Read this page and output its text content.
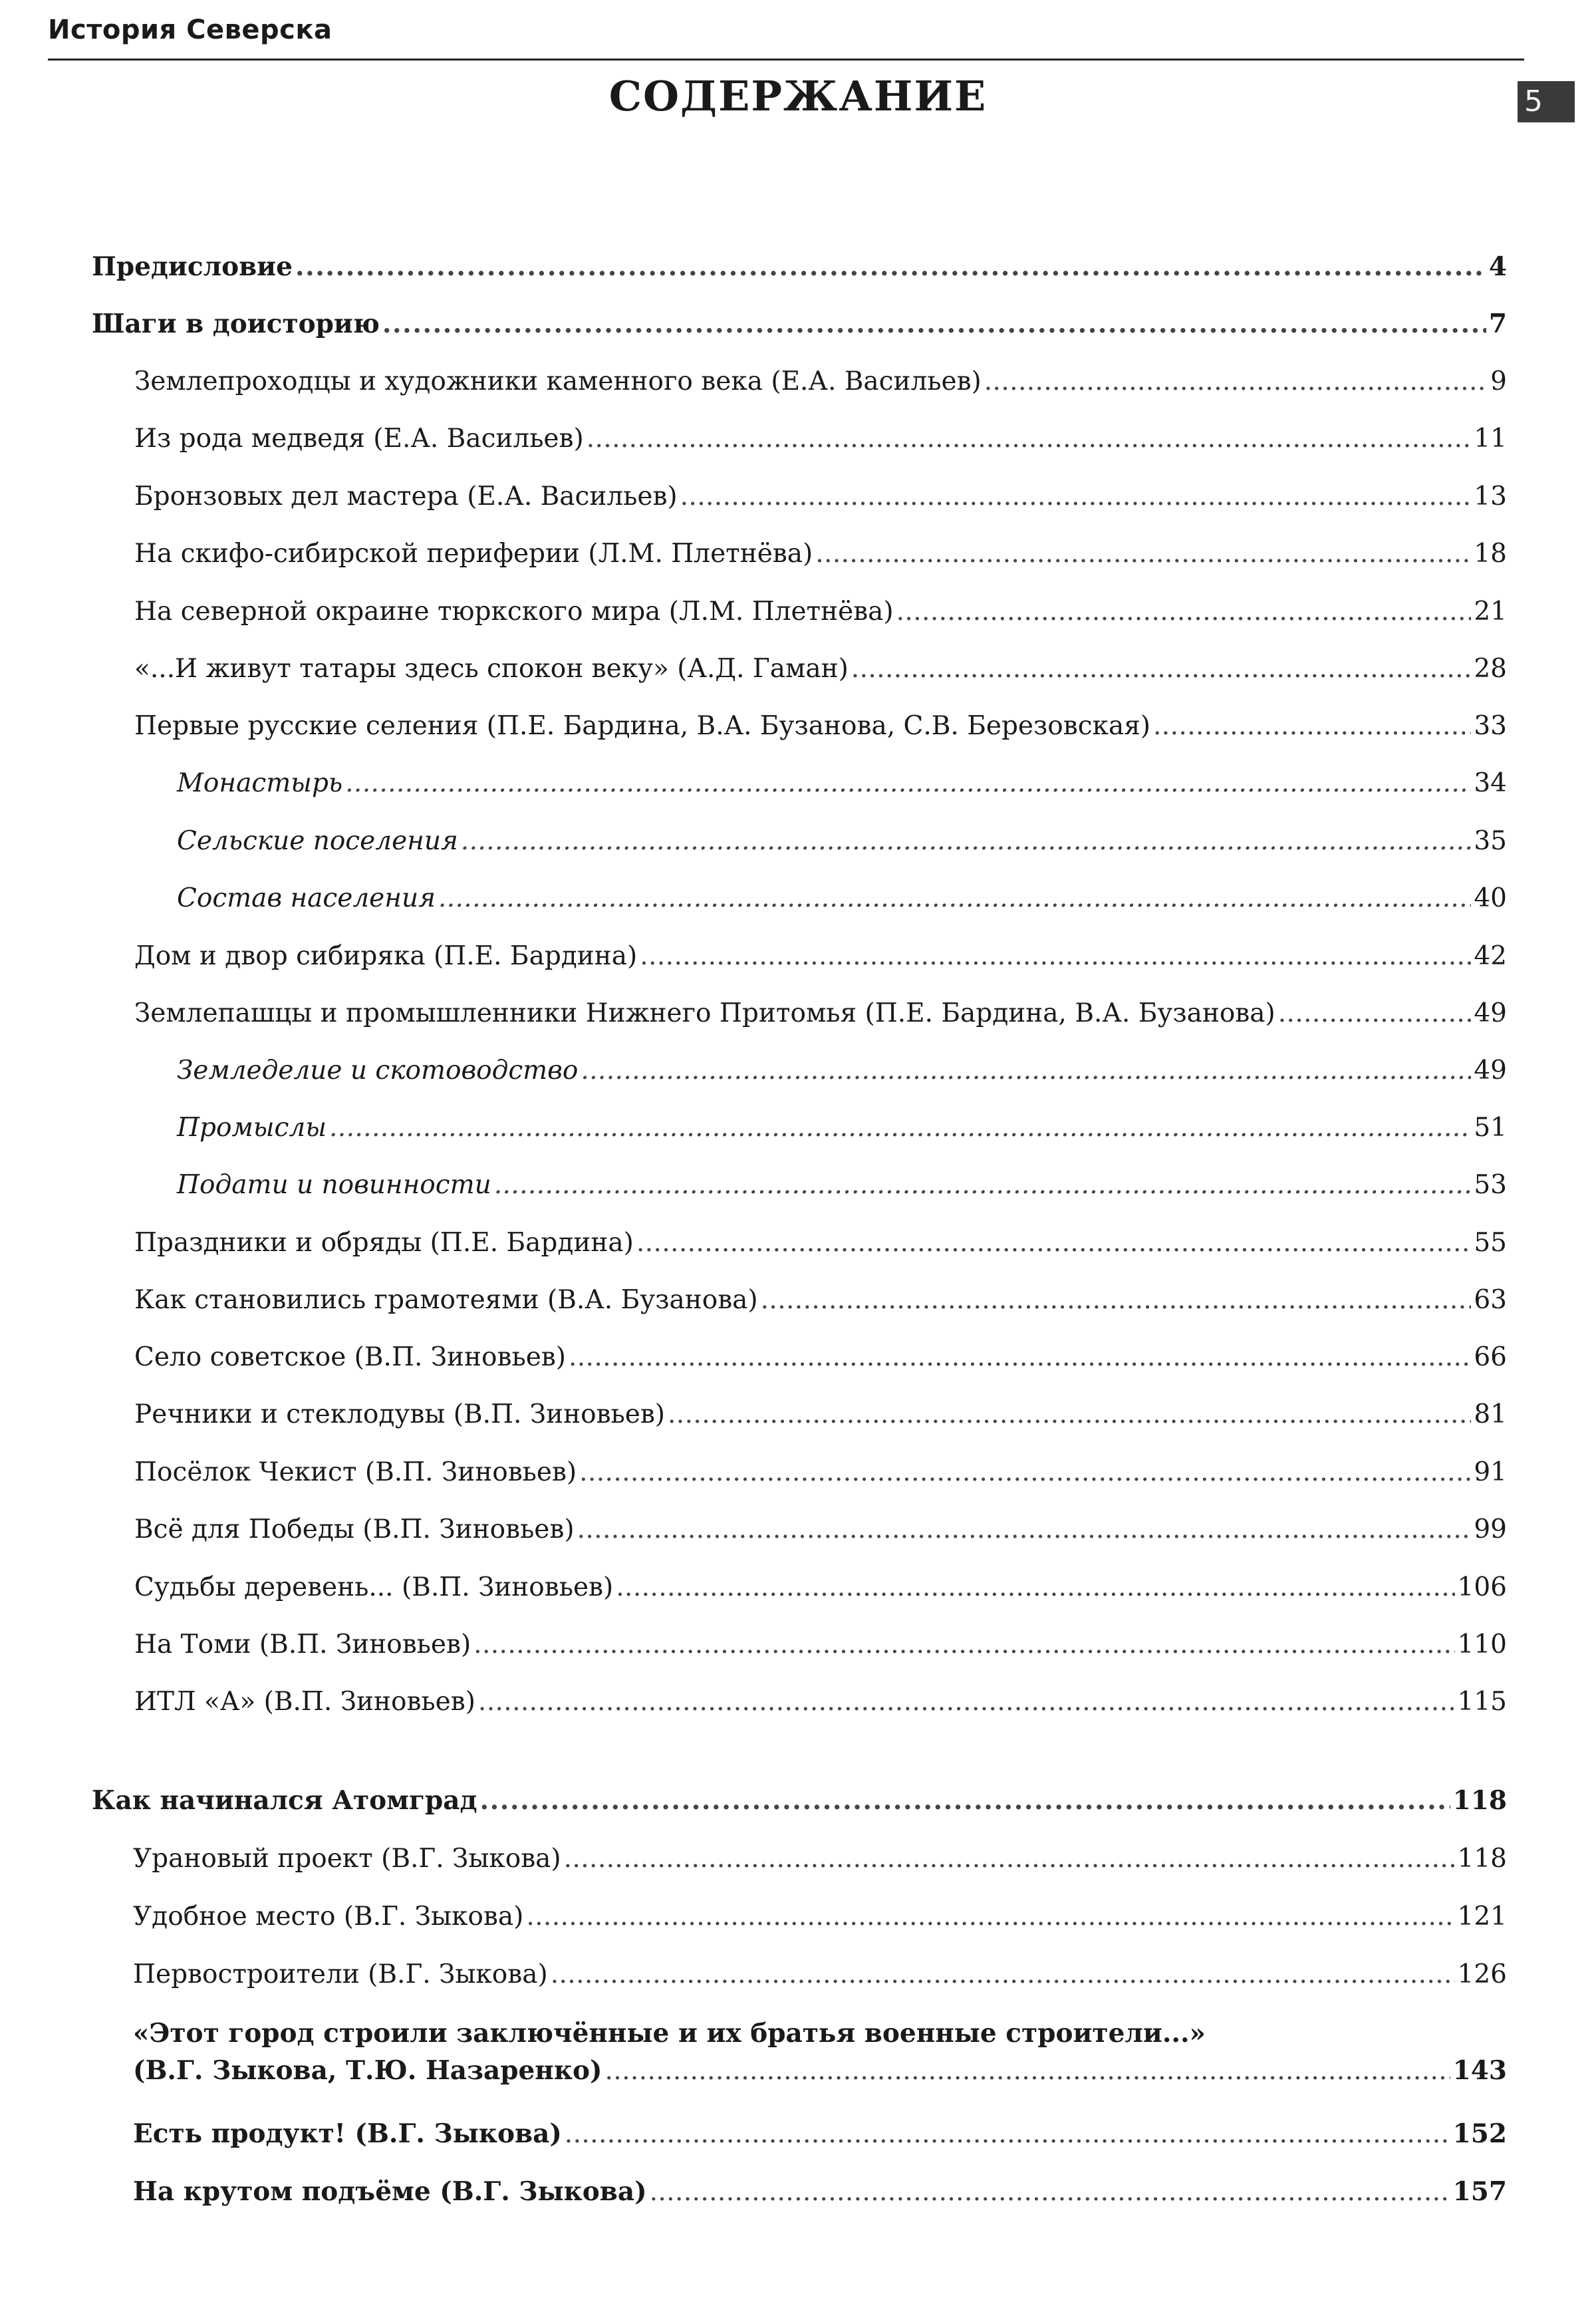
История Северска
5
СОДЕРЖАНИЕ
Предисловие . . .	4
Шаги в доисторию . . .	7
Землепроходцы и художники каменного века (Е.А. Васильев) . . .	9
Из рода медведя (Е.А. Васильев) . . .	11
Бронзовых дел мастера (Е.А. Васильев) . . .	13
На скифо-сибирской периферии (Л.М. Плетнёва) . . .	18
На северной окраине тюркского мира (Л.М. Плетнёва) . . .	21
«...И живут татары здесь спокон веку» (А.Д. Гаман) . . .	28
Первые русские селения (П.Е. Бардина, В.А. Бузанова, С.В. Березовская) . . .	33
Монастырь . . .	34
Сельские поселения . . .	35
Состав населения . . .	40
Дом и двор сибиряка (П.Е. Бардина) . . .	42
Землепашцы и промышленники Нижнего Притомья (П.Е. Бардина, В.А. Бузанова) . . .	49
Земледелие и скотоводство . . .	49
Промыслы . . .	51
Подати и повинности . . .	53
Праздники и обряды (П.Е. Бардина) . . .	55
Как становились грамотеями (В.А. Бузанова) . . .	63
Село советское (В.П. Зиновьев) . . .	66
Речники и стеклодувы (В.П. Зиновьев) . . .	81
Посёлок Чекист (В.П. Зиновьев) . . .	91
Всё для Победы (В.П. Зиновьев) . . .	99
Судьбы деревень... (В.П. Зиновьев) . . .	106
На Томи (В.П. Зиновьев) . . .	110
ИТЛ «А» (В.П. Зиновьев) . . .	115
Как начинался Атомград . . .	118
Урановый проект (В.Г. Зыкова) . . .	118
Удобное место (В.Г. Зыкова) . . .	121
Первостроители (В.Г. Зыкова) . . .	126
«Этот город строили заключённые и их братья военные строители...»
(В.Г. Зыкова, Т.Ю. Назаренко) . . .	143
Есть продукт! (В.Г. Зыкова) . . .	152
На крутом подъёме (В.Г. Зыкова) . . .	157
